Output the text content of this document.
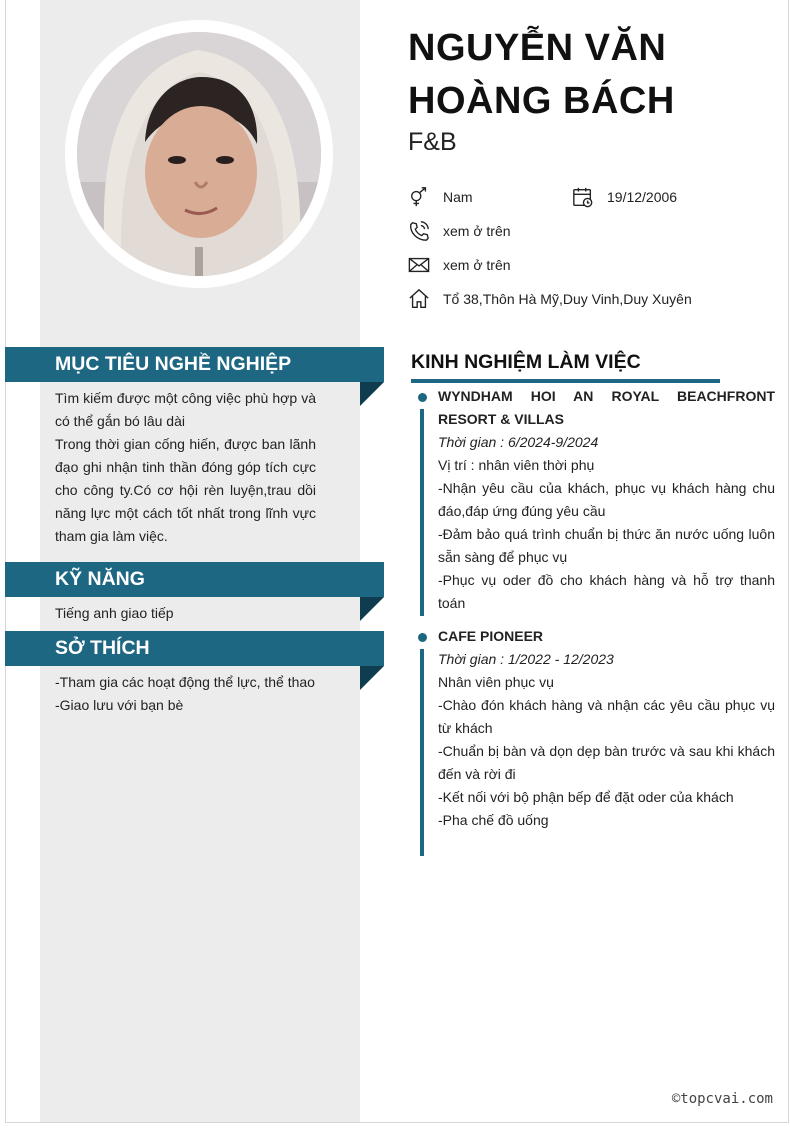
NGUYỄN VĂN
HOÀNG BÁCH
F&B
Nam	19/12/2006
xem ở trên
xem ở trên
Tổ 38,Thôn Hà Mỹ,Duy Vinh,Duy Xuyên
MỤC TIÊU NGHỀ NGHIỆP
Tìm kiếm được một công việc phù hợp và có thể gắn bó lâu dài
Trong thời gian cống hiến, được ban lãnh đạo ghi nhận tinh thần đóng góp tích cực cho công ty.Có cơ hội rèn luyện,trau dồi năng lực một cách tốt nhất trong lĩnh vực tham gia làm việc.
KỸ NĂNG
Tiếng anh giao tiếp
SỞ THÍCH
-Tham gia các hoạt động thể lực, thể thao
-Giao lưu với bạn bè
KINH NGHIỆM LÀM VIỆC
WYNDHAM HOI AN ROYAL BEACHFRONT RESORT & VILLAS
Thời gian : 6/2024-9/2024
Vị trí : nhân viên thời phụ
-Nhận yêu cầu của khách, phục vụ khách hàng chu đáo,đáp ứng đúng yêu cầu
-Đảm bảo quá trình chuẩn bị thức ăn nước uống luôn sẵn sàng để phục vụ
-Phục vụ oder đồ cho khách hàng và hỗ trợ thanh toán
CAFE PIONEER
Thời gian : 1/2022 - 12/2023
Nhân viên phục vụ
-Chào đón khách hàng và nhận các yêu cầu phục vụ từ khách
-Chuẩn bị bàn và dọn dẹp bàn trước và sau khi khách đến và rời đi
-Kết nối với bộ phận bếp để đặt oder của khách
-Pha chế đồ uống
©topcvai.com
